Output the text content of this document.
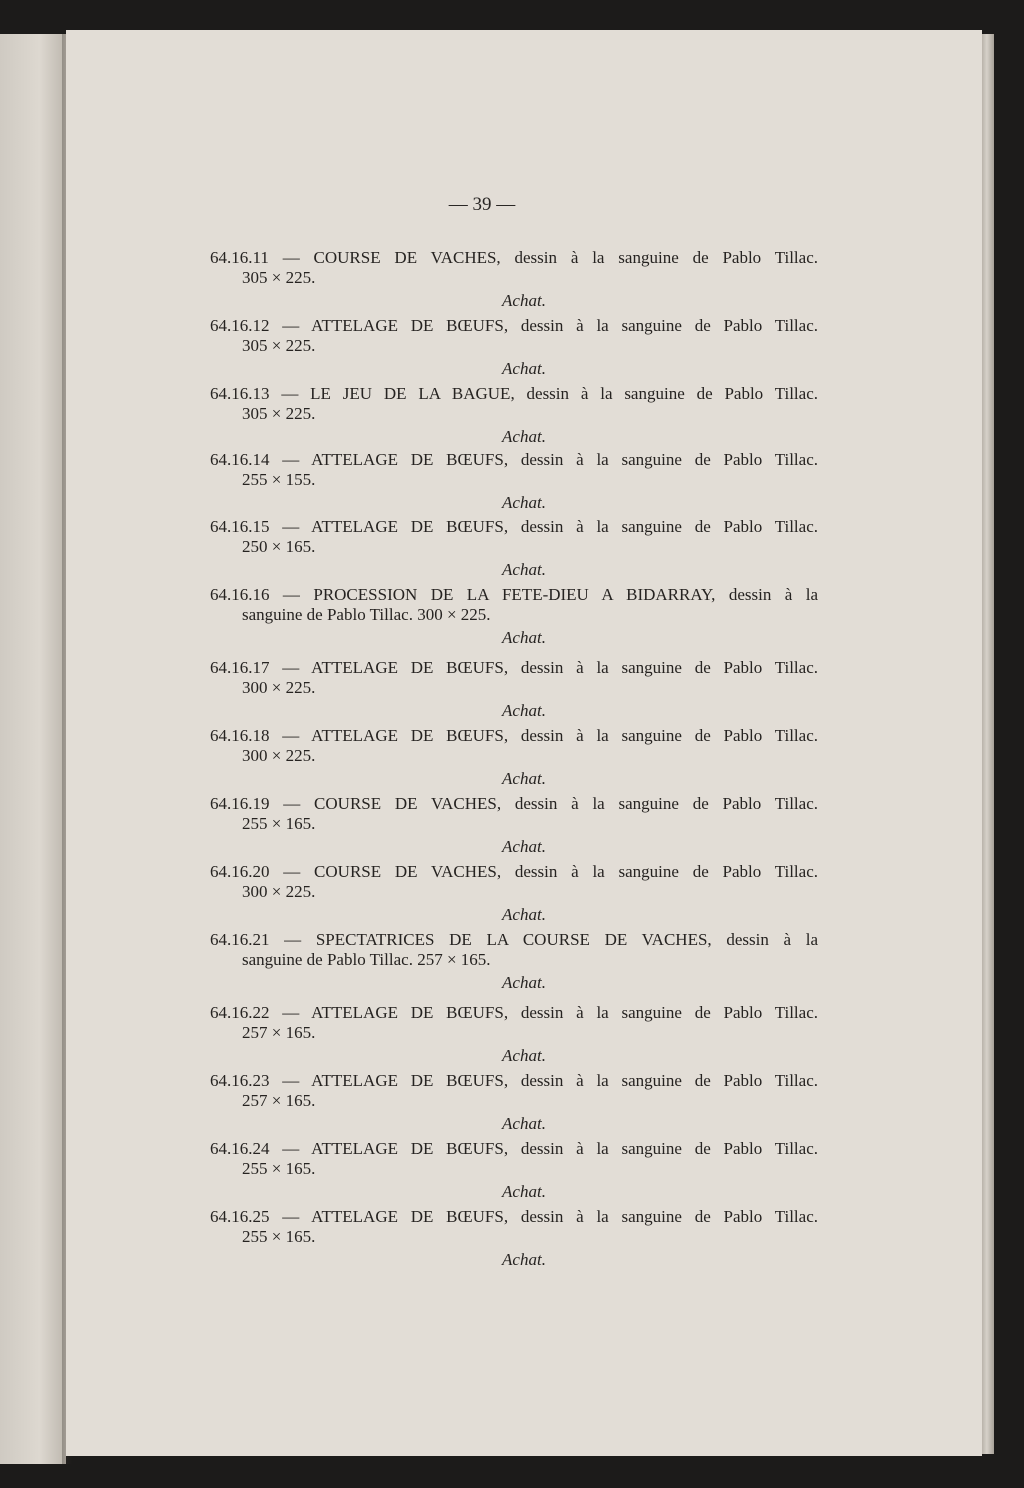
— 39 —
64.16.11 — COURSE DE VACHES, dessin à la sanguine de Pablo Tillac.
305 × 225.
Achat.
64.16.12 — ATTELAGE DE BŒUFS, dessin à la sanguine de Pablo Tillac.
305 × 225.
Achat.
64.16.13 — LE JEU DE LA BAGUE, dessin à la sanguine de Pablo Tillac.
305 × 225.
Achat.
64.16.14 — ATTELAGE DE BŒUFS, dessin à la sanguine de Pablo Tillac.
255 × 155.
Achat.
64.16.15 — ATTELAGE DE BŒUFS, dessin à la sanguine de Pablo Tillac.
250 × 165.
Achat.
64.16.16 — PROCESSION DE LA FETE-DIEU A BIDARRAY, dessin à la
sanguine de Pablo Tillac. 300 × 225.
Achat.
64.16.17 — ATTELAGE DE BŒUFS, dessin à la sanguine de Pablo Tillac.
300 × 225.
Achat.
64.16.18 — ATTELAGE DE BŒUFS, dessin à la sanguine de Pablo Tillac.
300 × 225.
Achat.
64.16.19 — COURSE DE VACHES, dessin à la sanguine de Pablo Tillac.
255 × 165.
Achat.
64.16.20 — COURSE DE VACHES, dessin à la sanguine de Pablo Tillac.
300 × 225.
Achat.
64.16.21 — SPECTATRICES DE LA COURSE DE VACHES, dessin à la
sanguine de Pablo Tillac. 257 × 165.
Achat.
64.16.22 — ATTELAGE DE BŒUFS, dessin à la sanguine de Pablo Tillac.
257 × 165.
Achat.
64.16.23 — ATTELAGE DE BŒUFS, dessin à la sanguine de Pablo Tillac.
257 × 165.
Achat.
64.16.24 — ATTELAGE DE BŒUFS, dessin à la sanguine de Pablo Tillac.
255 × 165.
Achat.
64.16.25 — ATTELAGE DE BŒUFS, dessin à la sanguine de Pablo Tillac.
255 × 165.
Achat.
